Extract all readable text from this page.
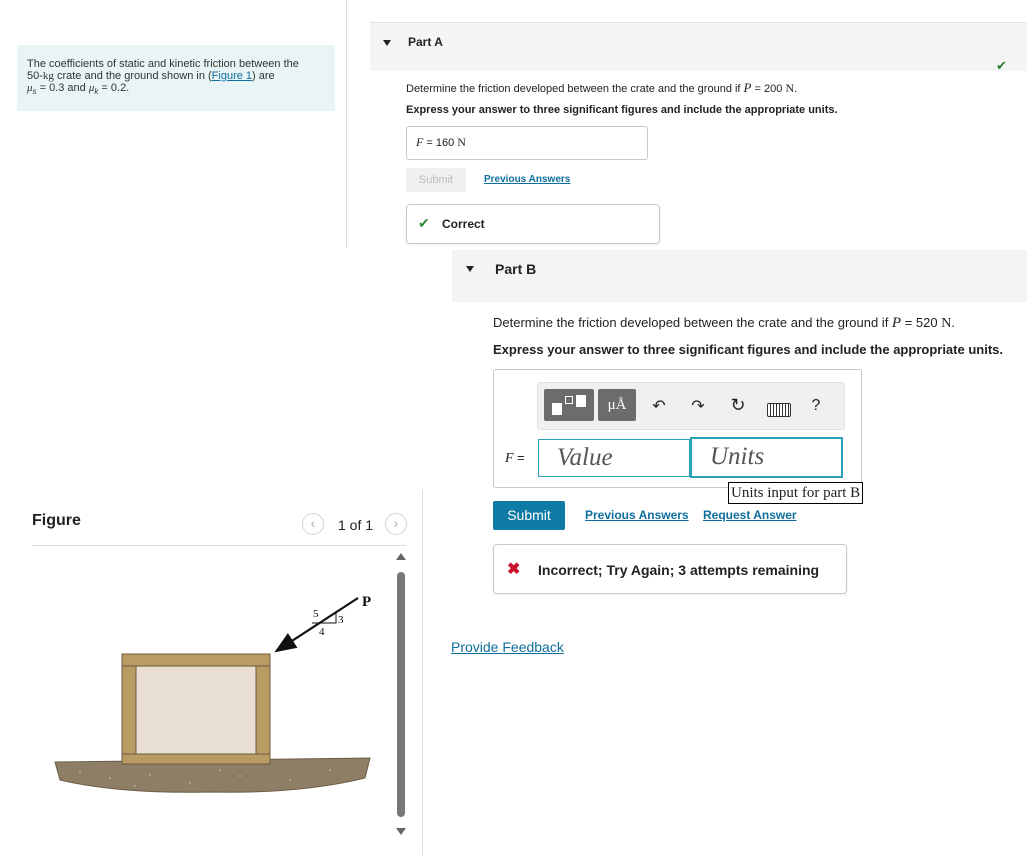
The coefficients of static and kinetic friction between the
50-kg crate and the ground shown in (Figure 1) are
$\mu_s = 0.3$ and $\mu_k = 0.2$.
Figure	‹	1 of 1	›
P
5 3
4
Part A
✔
Determine the friction developed between the crate and the ground if P = 200 N.
Express your answer to three significant figures and include the appropriate units.
F = 160 N
Submit	Previous Answers
✔ Correct
Part B
Determine the friction developed between the crate and the ground if P = 520 N.
Express your answer to three significant figures and include the appropriate units.
μÅ	↶	↷ ↻	?
F =	Value	Units
Units input for part B
Submit	Previous Answers Request Answer
✖ Incorrect; Try Again; 3 attempts remaining
Provide Feedback
